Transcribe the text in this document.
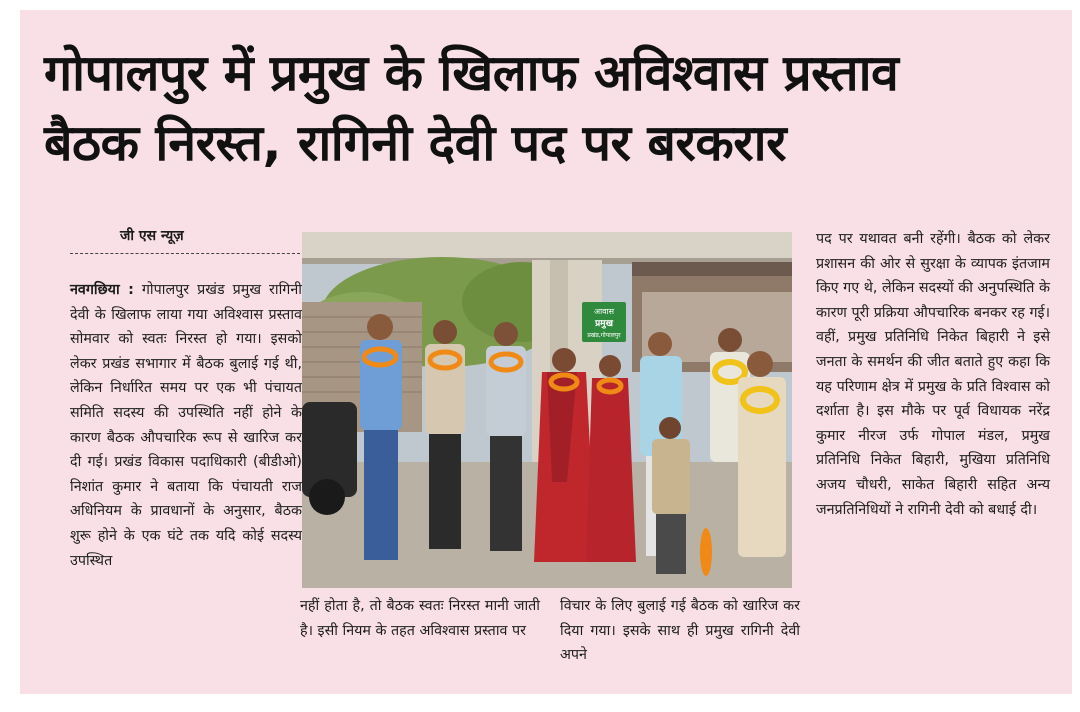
गोपालपुर में प्रमुख के खिलाफ अविश्वास प्रस्ताव
बैठक निरस्त, रागिनी देवी पद पर बरकरार
जी एस न्यूज़
नवगछिया : गोपालपुर प्रखंड प्रमुख रागिनी देवी के खिलाफ लाया गया अविश्वास प्रस्ताव सोमवार को स्वतः निरस्त हो गया। इसको लेकर प्रखंड सभागार में बैठक बुलाई गई थी, लेकिन निर्धारित समय पर एक भी पंचायत समिति सदस्य की उपस्थिति नहीं होने के कारण बैठक औपचारिक रूप से खारिज कर दी गई। प्रखंड विकास पदाधिकारी (बीडीओ) निशांत कुमार ने बताया कि पंचायती राज अधिनियम के प्रावधानों के अनुसार, बैठक शुरू होने के एक घंटे तक यदि कोई सदस्य उपस्थित
आवास
प्रमुख
प्रखंड,गोपालपुर
नहीं होता है, तो बैठक स्वतः निरस्त मानी जाती है। इसी नियम के तहत अविश्वास प्रस्ताव पर
विचार के लिए बुलाई गई बैठक को खारिज कर दिया गया। इसके साथ ही प्रमुख रागिनी देवी अपने
पद पर यथावत बनी रहेंगी। बैठक को लेकर प्रशासन की ओर से सुरक्षा के व्यापक इंतजाम किए गए थे, लेकिन सदस्यों की अनुपस्थिति के कारण पूरी प्रक्रिया औपचारिक बनकर रह गई। वहीं, प्रमुख प्रतिनिधि निकेत बिहारी ने इसे जनता के समर्थन की जीत बताते हुए कहा कि यह परिणाम क्षेत्र में प्रमुख के प्रति विश्वास को दर्शाता है। इस मौके पर पूर्व विधायक नरेंद्र कुमार नीरज उर्फ गोपाल मंडल, प्रमुख प्रतिनिधि निकेत बिहारी, मुखिया प्रतिनिधि अजय चौधरी, साकेत बिहारी सहित अन्य जनप्रतिनिधियों ने रागिनी देवी को बधाई दी।
